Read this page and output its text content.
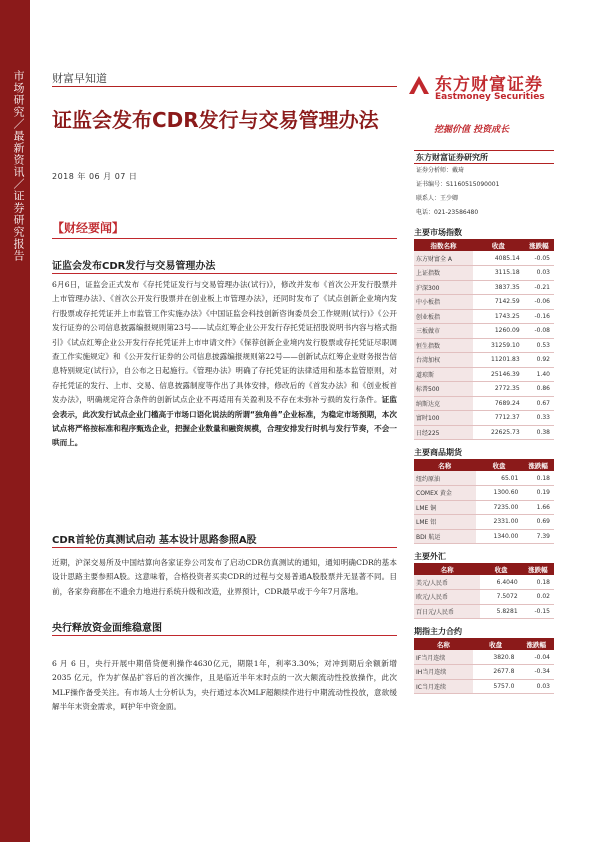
市场研究／最新资讯／证券研究报告 财富早知道
证监会发布CDR发行与交易管理办法
2018 年 06 月 07 日
东方财富证券
Eastmoney Securities
挖掘价值 投资成长
东方财富证券研究所
证券分析师：戴琦
证书编号：S1160515090001
联系人：王少卿
电话：021-23586480
主要市场指数
指数名称	收盘	涨跌幅
东方财富全 A	4085.14	-0.05
上证指数	3115.18	0.03
沪深300	3837.35	-0.21
中小板指	7142.59	-0.06
创业板指	1743.25	-0.16
三板做市	1260.09	-0.08
恒生指数	31259.10	0.53
台湾加权	11201.83	0.92
道琼斯	25146.39	1.40
标普500	2772.35	0.86
纳斯达克	7689.24	0.67
富时100	7712.37	0.33
日经225	22625.73	0.38
主要商品期货
名称	收盘	涨跌幅
纽约原油	65.01	0.18
COMEX 黄金	1300.60	0.19
LME 铜	7235.00	1.66
LME 铝	2331.00	0.69
BDI 航运	1340.00	7.39
主要外汇
名称	收盘	涨跌幅
美元/人民币	6.4040	0.18
欧元/人民币	7.5072	0.02
百日元/人民币	5.8281	-0.15
期指主力合约
名称	收盘	涨跌幅
IF当月连续	3820.8	-0.04
IH当月连续	2677.8	-0.34
IC当月连续	5757.0	0.03
【财经要闻】
证监会发布CDR发行与交易管理办法
6月6日，证监会正式发布《存托凭证发行与交易管理办法(试行)》，修改并发布《首次公开发行股票并上市管理办法》、《首次公开发行股票并在创业板上市管理办法》，还同时发布了《试点创新企业境内发行股票或存托凭证并上市监管工作实施办法》《中国证监会科技创新咨询委员会工作规则(试行)》《公开发行证券的公司信息披露编报规则第23号——试点红筹企业公开发行存托凭证招股说明书内容与格式指引》《试点红筹企业公开发行存托凭证并上市申请文件》《保荐创新企业境内发行股票或存托凭证尽职调查工作实施规定》和《公开发行证券的公司信息披露编报规则第22号——创新试点红筹企业财务报告信息特别规定(试行)》，自公布之日起施行。《管理办法》明确了存托凭证的法律适用和基本监管原则，对存托凭证的发行、上市、交易、信息披露制度等作出了具体安排，修改后的《首发办法》和《创业板首发办法》，明确规定符合条件的创新试点企业不再适用有关盈利及不存在未弥补亏损的发行条件。证监会表示，此次发行试点企业门槛高于市场口语化说法的所谓“独角兽”企业标准，为稳定市场预期，本次试点将严格按标准和程序甄选企业，把握企业数量和融资规模，合理安排发行时机与发行节奏，不会一哄而上。
CDR首轮仿真测试启动 基本设计思路参照A股
近期，沪深交易所及中国结算向各家证券公司发布了启动CDR仿真测试的通知，通知明确CDR的基本设计思路主要参照A股。这意味着，合格投资者买卖CDR的过程与交易普通A股股票并无显著不同。目前，各家券商都在不遗余力地进行系统升级和改造，业界预计，CDR最早或于今年7月落地。
央行释放资金面维稳意图
6 月 6 日，央行开展中期借贷便利操作4630亿元，期限1年，利率3.30%；对冲到期后余额新增 2035 亿元，作为扩保品扩容后的首次操作，且是临近半年末时点的一次大额流动性投放操作，此次MLF操作备受关注。有市场人士分析认为，央行通过本次MLF超额续作进行中期流动性投放，意欲缓解半年末资金需求，呵护年中资金面。
